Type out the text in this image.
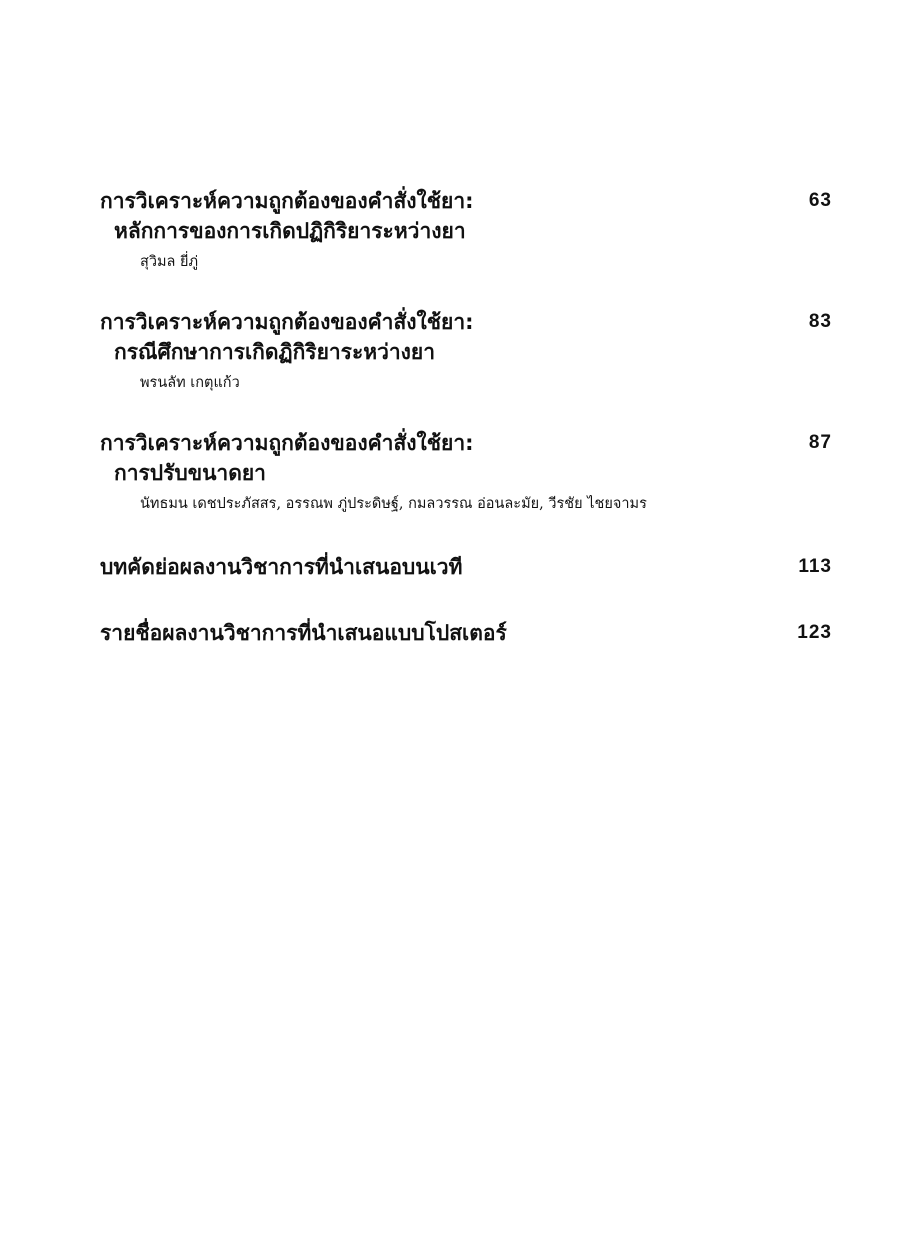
การวิเคราะห์ความถูกต้องของคำสั่งใช้ยา:
หลักการของการเกิดปฏิกิริยาระหว่างยา
สุวิมล ยี่ภู่
63
การวิเคราะห์ความถูกต้องของคำสั่งใช้ยา:
กรณีศึกษาการเกิดฏิกิริยาระหว่างยา
พรนลัท เกตุแก้ว
83
การวิเคราะห์ความถูกต้องของคำสั่งใช้ยา:
การปรับขนาดยา
นัทธมน เดชประภัสสร, อรรณพ ภู่ประดิษฐ์, กมลวรรณ อ่อนละมัย, วีรชัย ไชยจามร
87
บทคัดย่อผลงานวิชาการที่นำเสนอบนเวที	113
รายชื่อผลงานวิชาการที่นำเสนอแบบโปสเตอร์	123
